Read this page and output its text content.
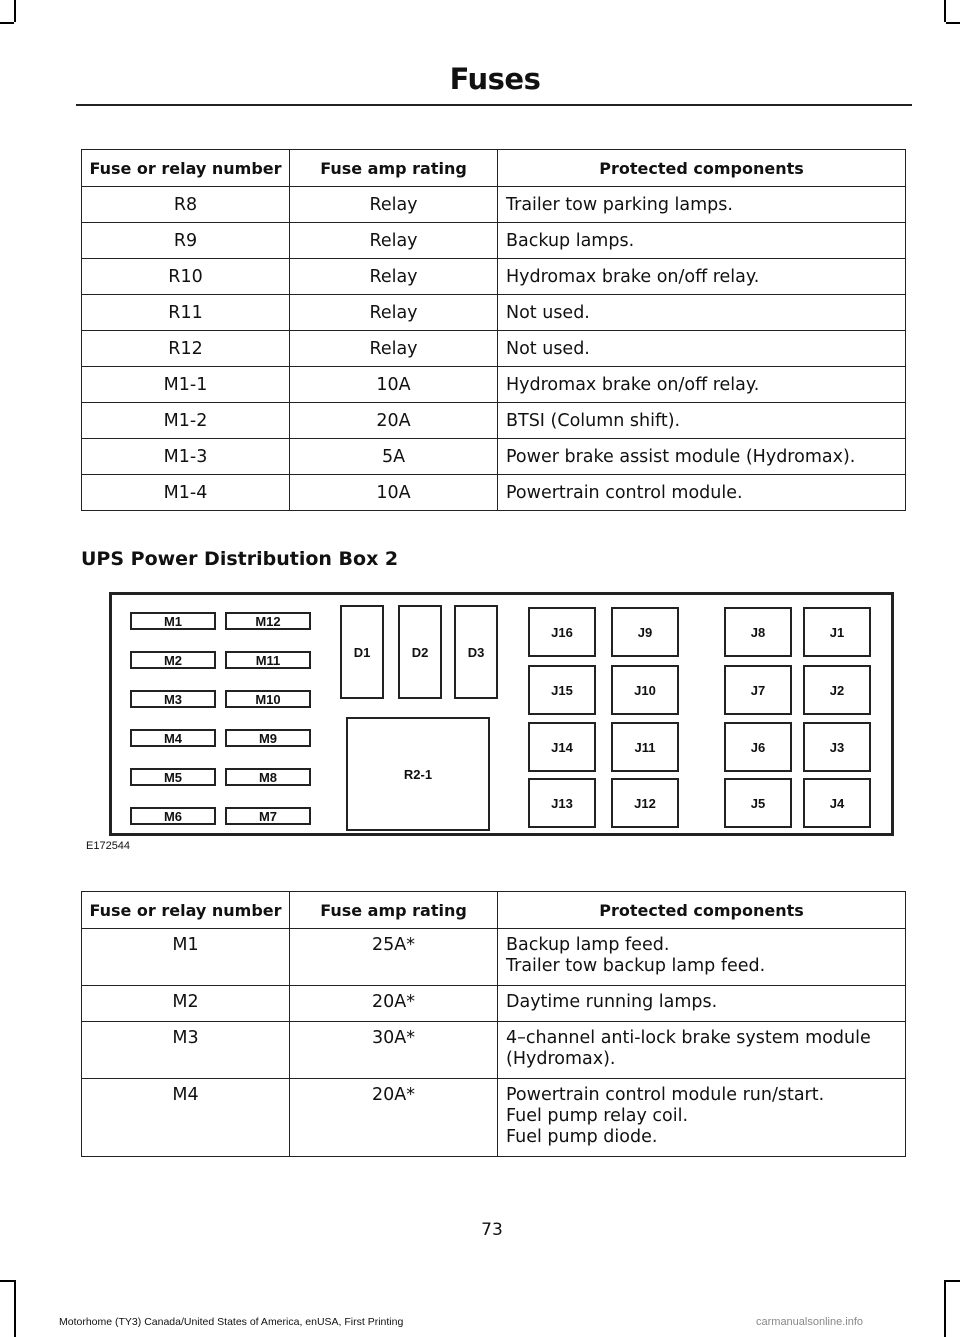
Fuses
Fuse or relay number	Fuse amp rating	Protected components
R8	Relay	Trailer tow parking lamps.

R9	Relay	Backup lamps.

R10	Relay	Hydromax brake on/off relay.

R11	Relay	Not used.

R12	Relay	Not used.

M1-1	10A	Hydromax brake on/off relay.

M1-2	20A	BTSI (Column shift).

M1-3	5A	Power brake assist module (Hydromax).

M1-4	10A	Powertrain control module.
UPS Power Distribution Box 2
M1
M2
M3
M4
M5
M6
M12
M11
M10
M9
M8
M7
D1	D2	D3
R2-1
J16
J15
J14
J13
J9
J10
J11
J12
J8
J7
J6
J5
J1
J2
J3
J4
E172544
Fuse or relay number	Fuse amp rating	Protected components
M1	25A*	Backup lamp feed.
Trailer tow backup lamp feed.

M2	20A*	Daytime running lamps.

M3	30A*	4–channel anti-lock brake system module
(Hydromax).

M4	20A*	Powertrain control module run/start.
Fuel pump relay coil.
Fuel pump diode.
73
Motorhome (TY3) Canada/United States of America, enUSA, First Printing	carmanualsonline.info
